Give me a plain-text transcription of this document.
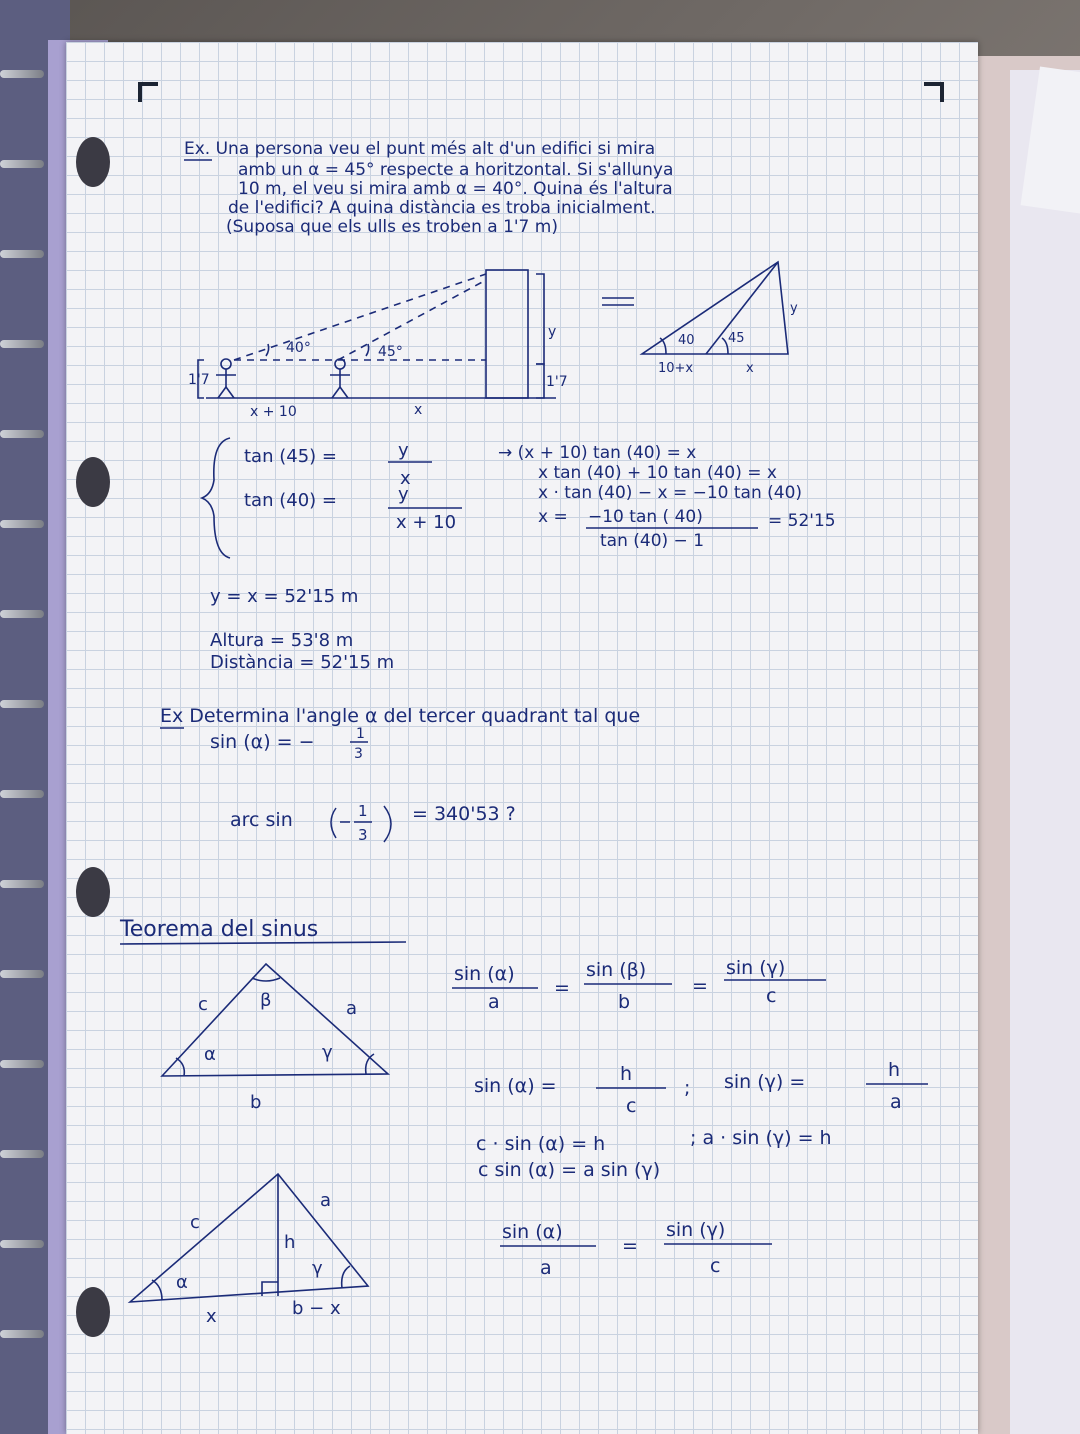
Ex. Una persona veu el punt més alt d'un edifici si mira
amb un α = 45° respecte a horitzontal. Si s'allunya
10 m, el veu si mira amb α = 40°. Quina és l'altura
de l'edifici? A quina distància es troba inicialment.
(Suposa que els ulls es troben a 1'7 m)
40°	45°
1'7
x + 10	x
y
1'7
40	45
10+x	x
y
tan (45) =	y
x
tan (40) =	y
x + 10
→ (x + 10) tan (40) = x
x tan (40) + 10 tan (40) = x
x · tan (40) − x = −10 tan (40)
x = −10 tan ( 40)
tan (40) − 1
= 52'15
y = x = 52'15 m
Altura = 53'8 m
Distància = 52'15 m
Ex Determina l'angle α del tercer quadrant tal que
sin (α) = −	1
3
arc sin	1
3
= 340'53 ?
Teorema del sinus
c	a
b
α
β
γ
c
a
h
x	b − x
α
γ
sin (α)
a
=
sin (β)
b
=
sin (γ)
c
sin (α) =
h
c
; sin (γ) =
h
a
c · sin (α) = h	; a · sin (γ) = h
c sin (α) = a sin (γ)
sin (α)
a
=
sin (γ)
c
